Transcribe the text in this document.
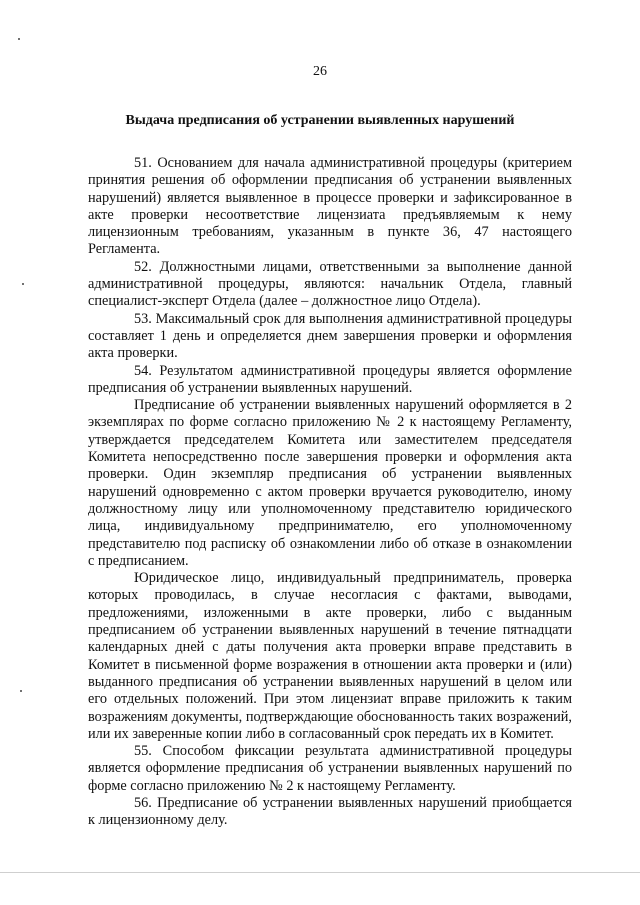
26
Выдача предписания об устранении выявленных нарушений

51. Основанием для начала административной процедуры (критерием принятия решения об оформлении предписания об устранении выявленных нарушений) является выявленное в процессе проверки и зафиксированное в акте проверки несоответствие лицензиата предъявляемым к нему лицензионным требованиям, указанным в пункте 36, 47 настоящего Регламента.

52. Должностными лицами, ответственными за выполнение данной административной процедуры, являются: начальник Отдела, главный специалист-эксперт Отдела (далее – должностное лицо Отдела).

53. Максимальный срок для выполнения административной процедуры составляет 1 день и определяется днем завершения проверки и оформления акта проверки.

54. Результатом административной процедуры является оформление предписания об устранении выявленных нарушений.

Предписание об устранении выявленных нарушений оформляется в 2 экземплярах по форме согласно приложению № 2 к настоящему Регламенту, утверждается председателем Комитета или заместителем председателя Комитета непосредственно после завершения проверки и оформления акта проверки. Один экземпляр предписания об устранении выявленных нарушений одновременно с актом проверки вручается руководителю, иному должностному лицу или уполномоченному представителю юридического лица, индивидуальному предпринимателю, его уполномоченному представителю под расписку об ознакомлении либо об отказе в ознакомлении с предписанием.

Юридическое лицо, индивидуальный предприниматель, проверка которых проводилась, в случае несогласия с фактами, выводами, предложениями, изложенными в акте проверки, либо с выданным предписанием об устранении выявленных нарушений в течение пятнадцати календарных дней с даты получения акта проверки вправе представить в Комитет в письменной форме возражения в отношении акта проверки и (или) выданного предписания об устранении выявленных нарушений в целом или его отдельных положений. При этом лицензиат вправе приложить к таким возражениям документы, подтверждающие обоснованность таких возражений, или их заверенные копии либо в согласованный срок передать их в Комитет.

55. Способом фиксации результата административной процедуры является оформление предписания об устранении выявленных нарушений по форме согласно приложению № 2 к настоящему Регламенту.

56. Предписание об устранении выявленных нарушений приобщается к лицензионному делу.
